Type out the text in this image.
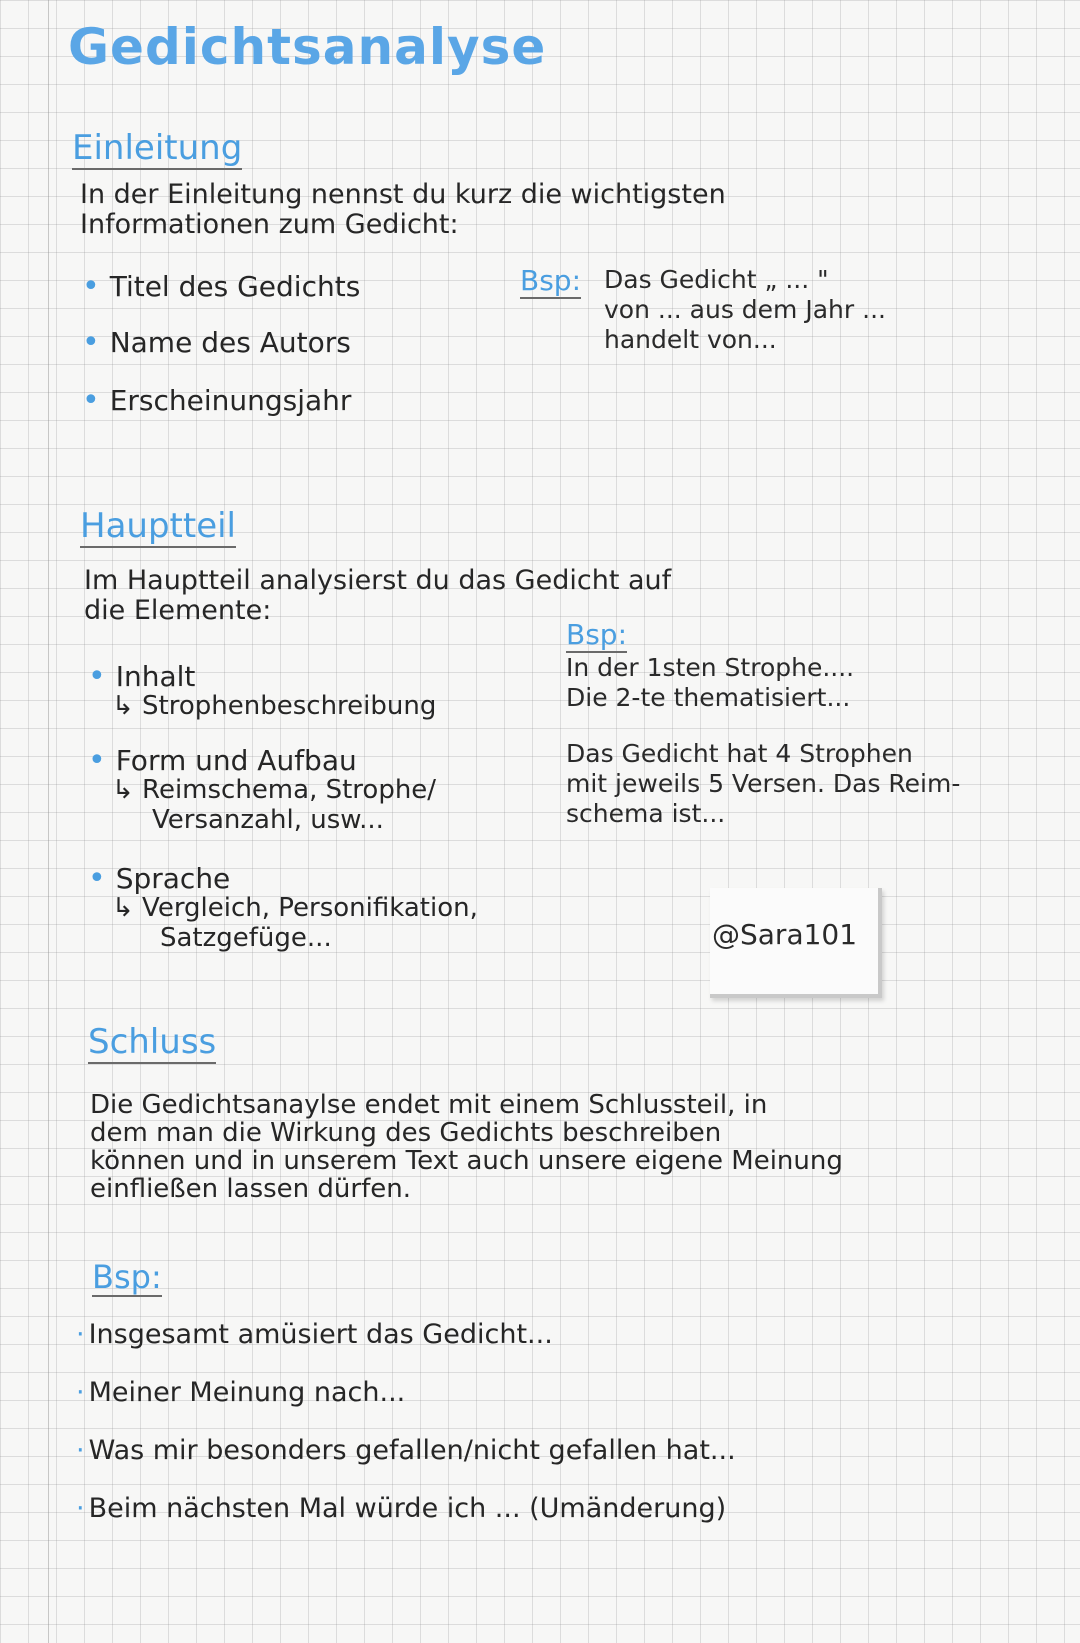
Gedichtsanalyse
Einleitung
In der Einleitung nennst du kurz die wichtigsten
Informationen zum Gedicht:
• Titel des Gedichts
• Name des Autors
• Erscheinungsjahr
Bsp: Das Gedicht „ ... "
von ... aus dem Jahr ...
handelt von...
Hauptteil
Im Hauptteil analysierst du das Gedicht auf
die Elemente:
Bsp:
• Inhalt
↳ Strophenbeschreibung
• Form und Aufbau
↳ Reimschema, Strophe/
Versanzahl, usw...
• Sprache
↳ Vergleich, Personifikation,
Satzgefüge...
In der 1sten Strophe....
Die 2-te thematisiert...
Das Gedicht hat 4 Strophen
mit jeweils 5 Versen. Das Reim-
schema ist...
@Sara101
Schluss
Die Gedichtsanaylse endet mit einem Schlussteil, in
dem man die Wirkung des Gedichts beschreiben
können und in unserem Text auch unsere eigene Meinung
einfließen lassen dürfen.
Bsp:
· Insgesamt amüsiert das Gedicht...
· Meiner Meinung nach...
· Was mir besonders gefallen/nicht gefallen hat...
· Beim nächsten Mal würde ich ... (Umänderung)
